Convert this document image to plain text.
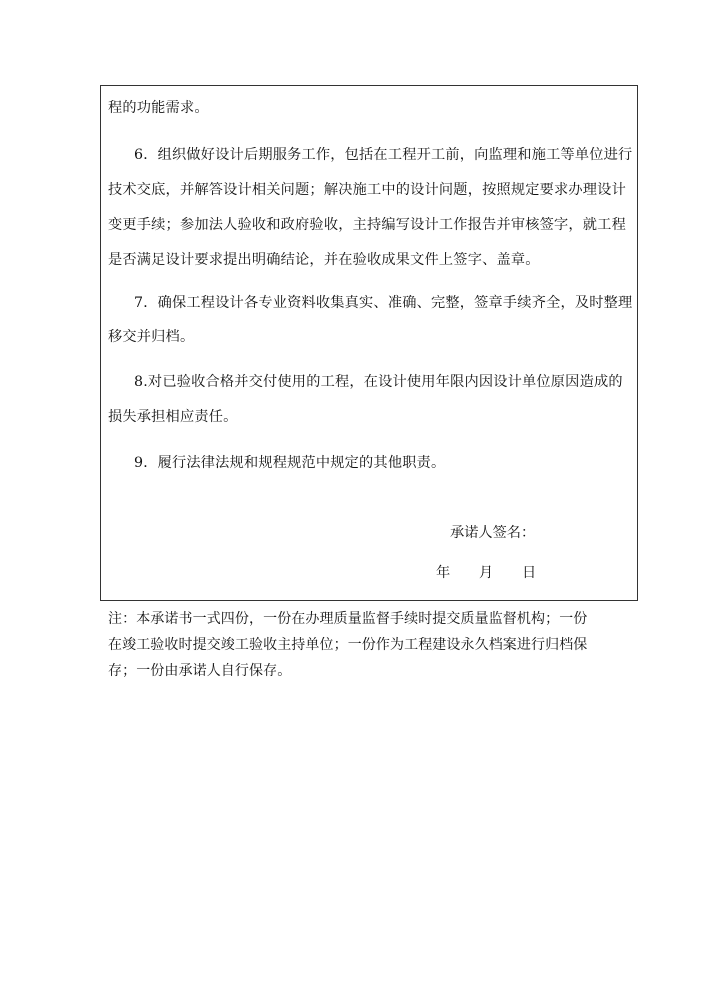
程的功能需求。
6．组织做好设计后期服务工作，包括在工程开工前，向监理和施工等单位进行
技术交底，并解答设计相关问题；解决施工中的设计问题，按照规定要求办理设计
变更手续；参加法人验收和政府验收，主持编写设计工作报告并审核签字，就工程
是否满足设计要求提出明确结论，并在验收成果文件上签字、盖章。
7．确保工程设计各专业资料收集真实、准确、完整，签章手续齐全，及时整理
移交并归档。
8.对已验收合格并交付使用的工程，在设计使用年限内因设计单位原因造成的
损失承担相应责任。
9．履行法律法规和规程规范中规定的其他职责。
承诺人签名：
年 月 日
注：本承诺书一式四份，一份在办理质量监督手续时提交质量监督机构；一份
在竣工验收时提交竣工验收主持单位；一份作为工程建设永久档案进行归档保
存；一份由承诺人自行保存。
